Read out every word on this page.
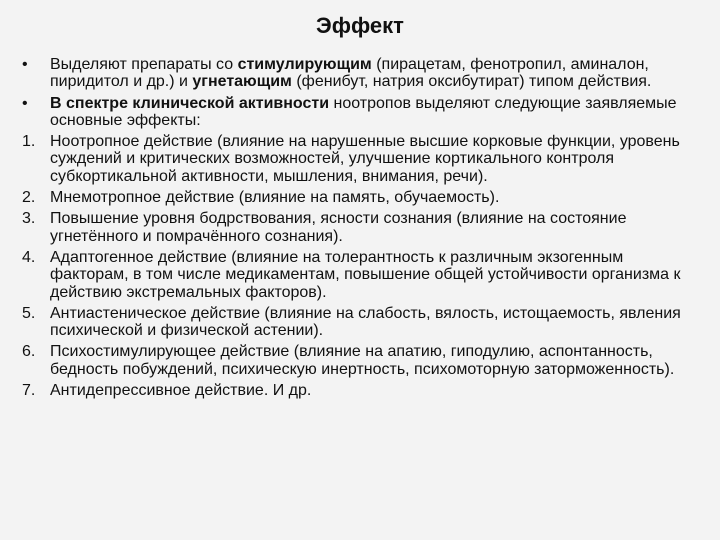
Эффект
•	Выделяют препараты со стимулирующим (пирацетам, фенотропил, аминалон, пиридитол и др.) и угнетающим (фенибут, натрия оксибутират) типом действия.
•	В спектре клинической активности ноотропов выделяют следующие заявляемые основные эффекты:
1. Ноотропное действие (влияние на нарушенные высшие корковые функции, уровень суждений и критических возможностей, улучшение кортикального контроля субкортикальной активности, мышления, внимания, речи).
2. Мнемотропное действие (влияние на память, обучаемость).
3. Повышение уровня бодрствования, ясности сознания (влияние на состояние угнетённого и помрачённого сознания).
4. Адаптогенное действие (влияние на толерантность к различным экзогенным факторам, в том числе медикаментам, повышение общей устойчивости организма к действию экстремальных факторов).
5. Антиастеническое действие (влияние на слабость, вялость, истощаемость, явления психической и физической астении).
6. Психостимулирующее действие (влияние на апатию, гиподулию, аспонтанность, бедность побуждений, психическую инертность, психомоторную заторможенность).
7. Антидепрессивное действие. И др.
